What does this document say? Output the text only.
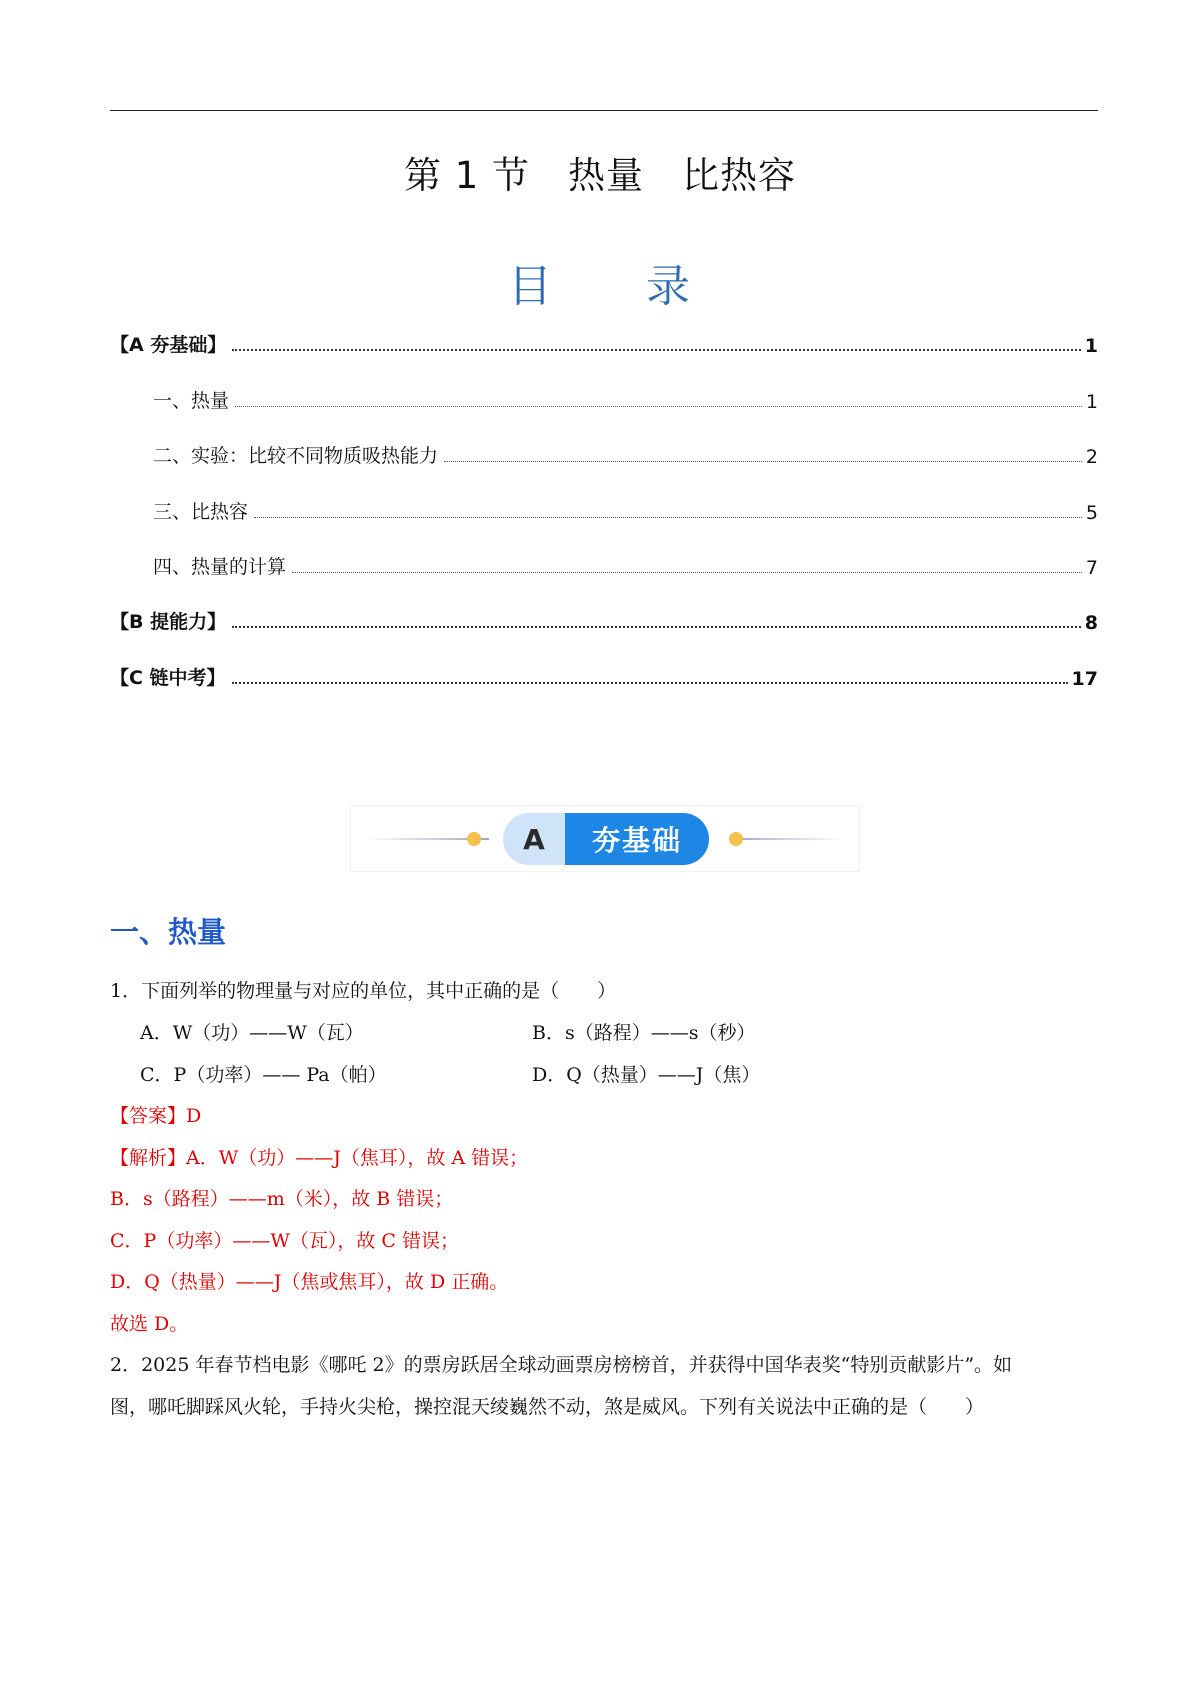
第 1 节　热量　比热容
目　　录
【A 夯基础】	1
一、热量	1
二、实验：比较不同物质吸热能力	2
三、比热容	5
四、热量的计算	7
【B 提能力】	8
【C 链中考】	17
A	夯基础
一、热量
1．下面列举的物理量与对应的单位，其中正确的是（　　）
A．W（功）——W（瓦）	B．s（路程）——s（秒）
C．P（功率）—— Pa（帕）	D．Q（热量）——J（焦）
【答案】D
【解析】A．W（功）——J（焦耳），故 A 错误；
B．s（路程）——m（米），故 B 错误；
C．P（功率）——W（瓦），故 C 错误；
D．Q（热量）——J（焦或焦耳），故 D 正确。
故选 D。
2．2025 年春节档电影《哪吒 2》的票房跃居全球动画票房榜榜首，并获得中国华表奖“特别贡献影片”。如
图，哪吒脚踩风火轮，手持火尖枪，操控混天绫巍然不动，煞是威风。下列有关说法中正确的是（　　）
